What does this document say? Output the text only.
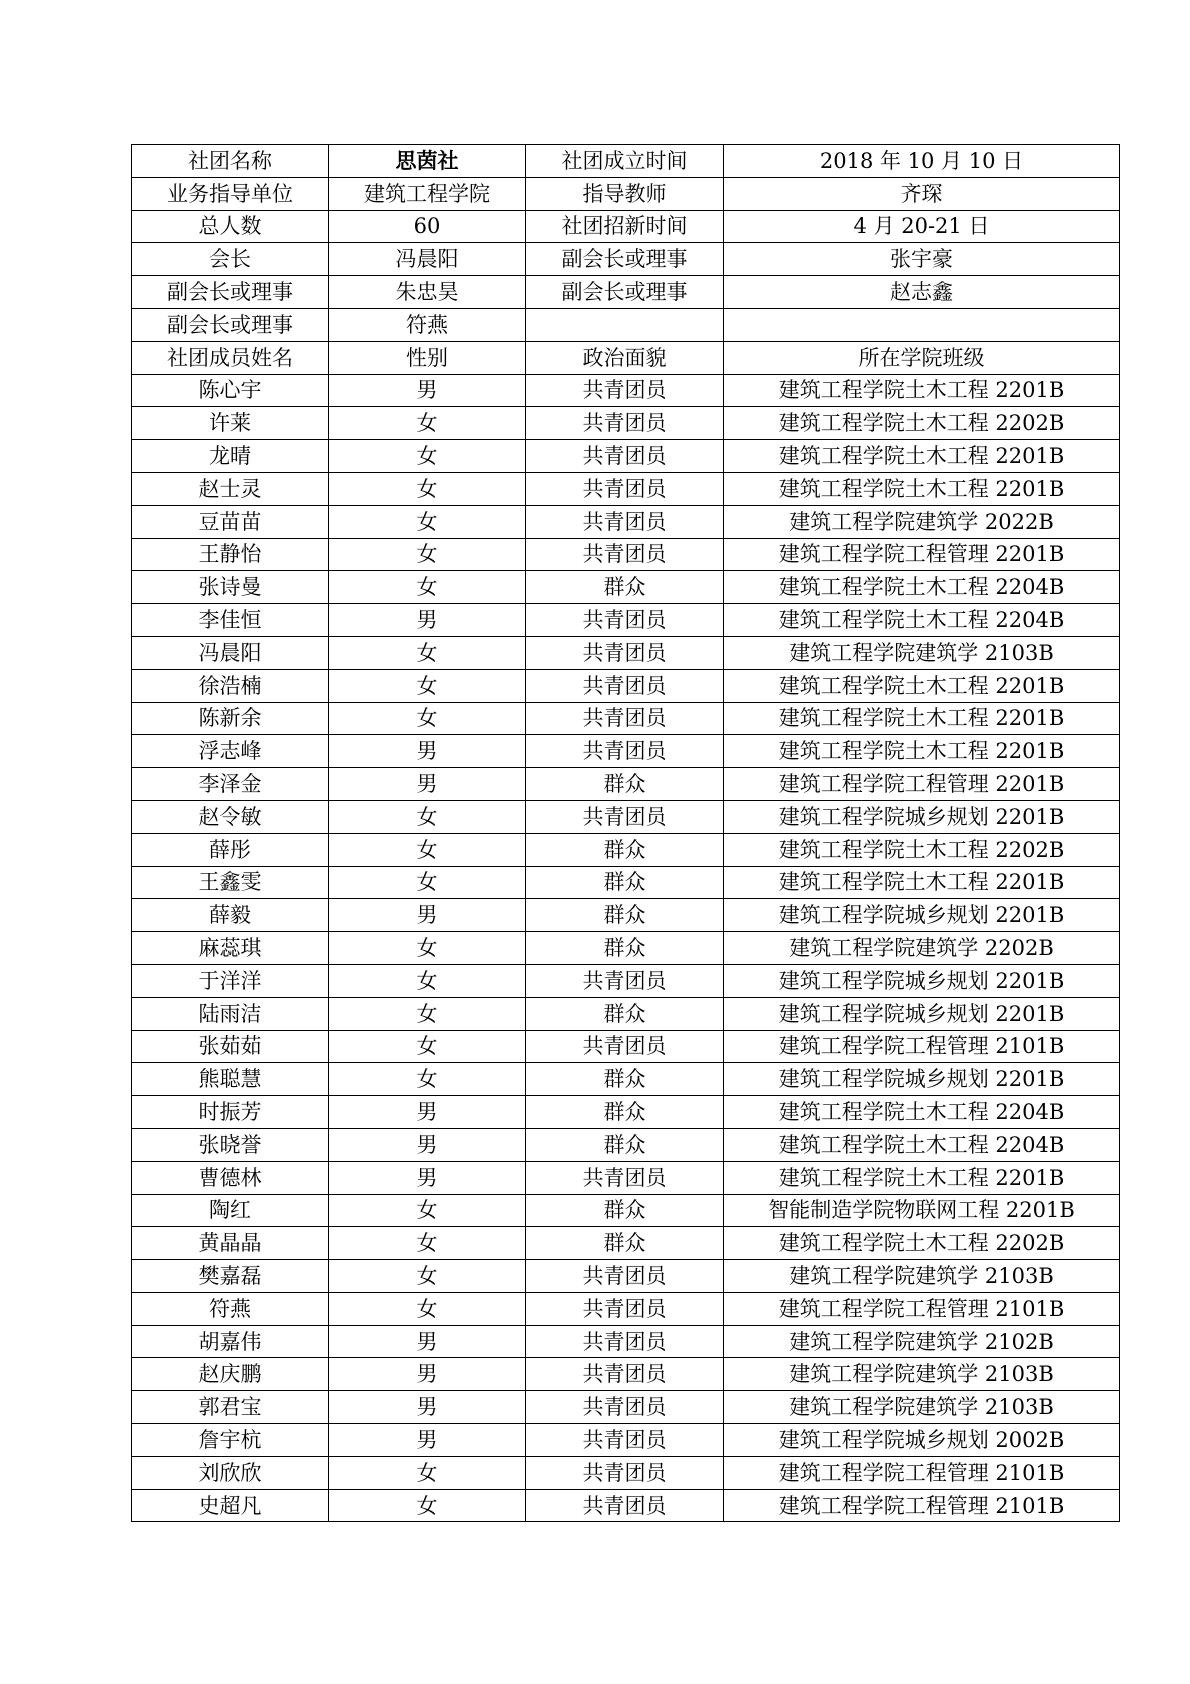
社团名称	思茵社	社团成立时间	2018 年 10 月 10 日
业务指导单位	建筑工程学院	指导教师	齐琛
总人数	60	社团招新时间	4 月 20-21 日
会长	冯晨阳	副会长或理事	张宇豪
副会长或理事	朱忠昊	副会长或理事	赵志鑫
副会长或理事	符燕		
社团成员姓名	性别	政治面貌	所在学院班级
陈心宇	男	共青团员	建筑工程学院土木工程 2201B
许莱	女	共青团员	建筑工程学院土木工程 2202B
龙晴	女	共青团员	建筑工程学院土木工程 2201B
赵士灵	女	共青团员	建筑工程学院土木工程 2201B
豆苗苗	女	共青团员	建筑工程学院建筑学 2022B
王静怡	女	共青团员	建筑工程学院工程管理 2201B
张诗曼	女	群众	建筑工程学院土木工程 2204B
李佳恒	男	共青团员	建筑工程学院土木工程 2204B
冯晨阳	女	共青团员	建筑工程学院建筑学 2103B
徐浩楠	女	共青团员	建筑工程学院土木工程 2201B
陈新余	女	共青团员	建筑工程学院土木工程 2201B
浮志峰	男	共青团员	建筑工程学院土木工程 2201B
李泽金	男	群众	建筑工程学院工程管理 2201B
赵令敏	女	共青团员	建筑工程学院城乡规划 2201B
薛彤	女	群众	建筑工程学院土木工程 2202B
王鑫雯	女	群众	建筑工程学院土木工程 2201B
薛毅	男	群众	建筑工程学院城乡规划 2201B
麻蕊琪	女	群众	建筑工程学院建筑学 2202B
于洋洋	女	共青团员	建筑工程学院城乡规划 2201B
陆雨洁	女	群众	建筑工程学院城乡规划 2201B
张茹茹	女	共青团员	建筑工程学院工程管理 2101B
熊聪慧	女	群众	建筑工程学院城乡规划 2201B
时振芳	男	群众	建筑工程学院土木工程 2204B
张晓誉	男	群众	建筑工程学院土木工程 2204B
曹德林	男	共青团员	建筑工程学院土木工程 2201B
陶红	女	群众	智能制造学院物联网工程 2201B
黄晶晶	女	群众	建筑工程学院土木工程 2202B
樊嘉磊	女	共青团员	建筑工程学院建筑学 2103B
符燕	女	共青团员	建筑工程学院工程管理 2101B
胡嘉伟	男	共青团员	建筑工程学院建筑学 2102B
赵庆鹏	男	共青团员	建筑工程学院建筑学 2103B
郭君宝	男	共青团员	建筑工程学院建筑学 2103B
詹宇杭	男	共青团员	建筑工程学院城乡规划 2002B
刘欣欣	女	共青团员	建筑工程学院工程管理 2101B
史超凡	女	共青团员	建筑工程学院工程管理 2101B
